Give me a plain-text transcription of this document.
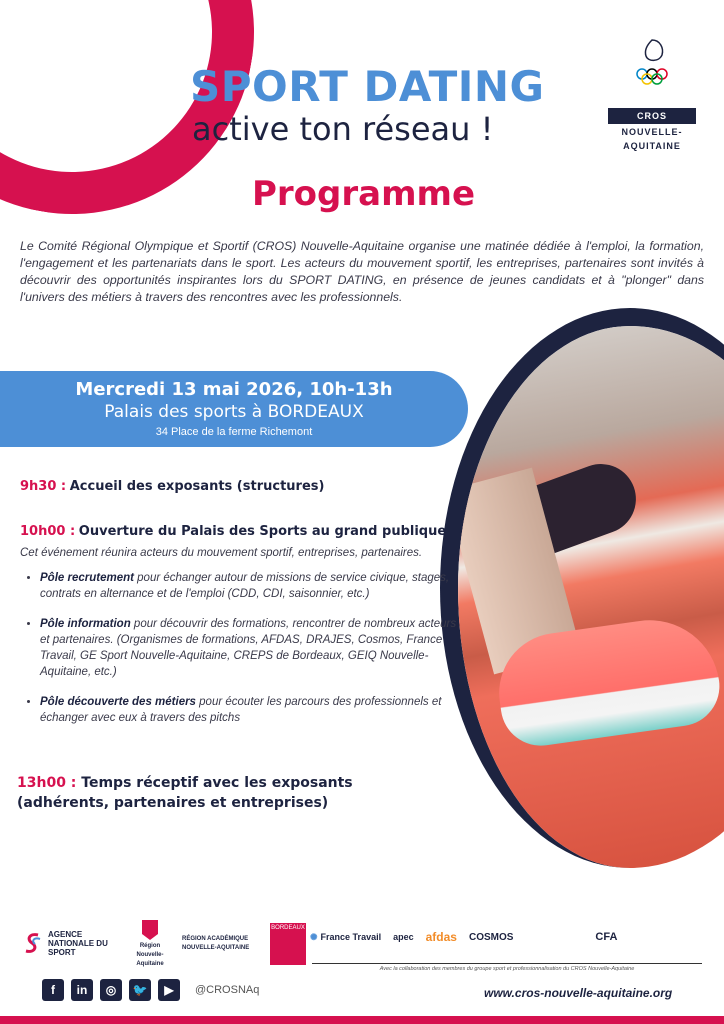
SPORT DATING

active ton réseau !

Programme
CROS
NOUVELLE-
AQUITAINE

Le Comité Régional Olympique et Sportif (CROS) Nouvelle-Aquitaine organise une matinée dédiée à l'emploi, la formation, l'engagement et les partenariats dans le sport. Les acteurs du mouvement sportif, les entreprises, partenaires sont invités à découvrir des opportunités inspirantes lors du SPORT DATING, en présence de jeunes candidats et à "plonger" dans l'univers des métiers à travers des rencontres avec les professionnels.

Mercredi 13 mai 2026, 10h-13h
Palais des sports à BORDEAUX
34 Place de la ferme Richemont
9h30 : Accueil des exposants (structures)
10h00 : Ouverture du Palais des Sports au grand publique
Cet événement réunira acteurs du mouvement sportif, entreprises, partenaires.
• Pôle recrutement pour échanger autour de missions de service civique, stages, contrats en alternance et de l'emploi (CDD, CDI, saisonnier, etc.)
• Pôle information pour découvrir des formations, rencontrer de nombreux acteurs et partenaires. (Organismes de formations, AFDAS, DRAJES, Cosmos, France Travail, GE Sport Nouvelle-Aquitaine, CREPS de Bordeaux, GEIQ Nouvelle-Aquitaine, etc.)
• Pôle découverte des métiers pour écouter les parcours des professionnels et échanger avec eux à travers des pitchs
13h00 : Temps réceptif avec les exposants (adhérents, partenaires et entreprises)
AGENCE NATIONALE DU SPORT
Région Nouvelle-Aquitaine
RÉGION ACADÉMIQUE NOUVELLE-AQUITAINE
BORDEAUX
✺ France Travail apec afdas COSMOS	CFA
Avec la collaboration des membres du groupe sport et professionnalisation du CROS Nouvelle-Aquitaine
f	in	◎	🐦	▶	@CROSNAq	www.cros-nouvelle-aquitaine.org
